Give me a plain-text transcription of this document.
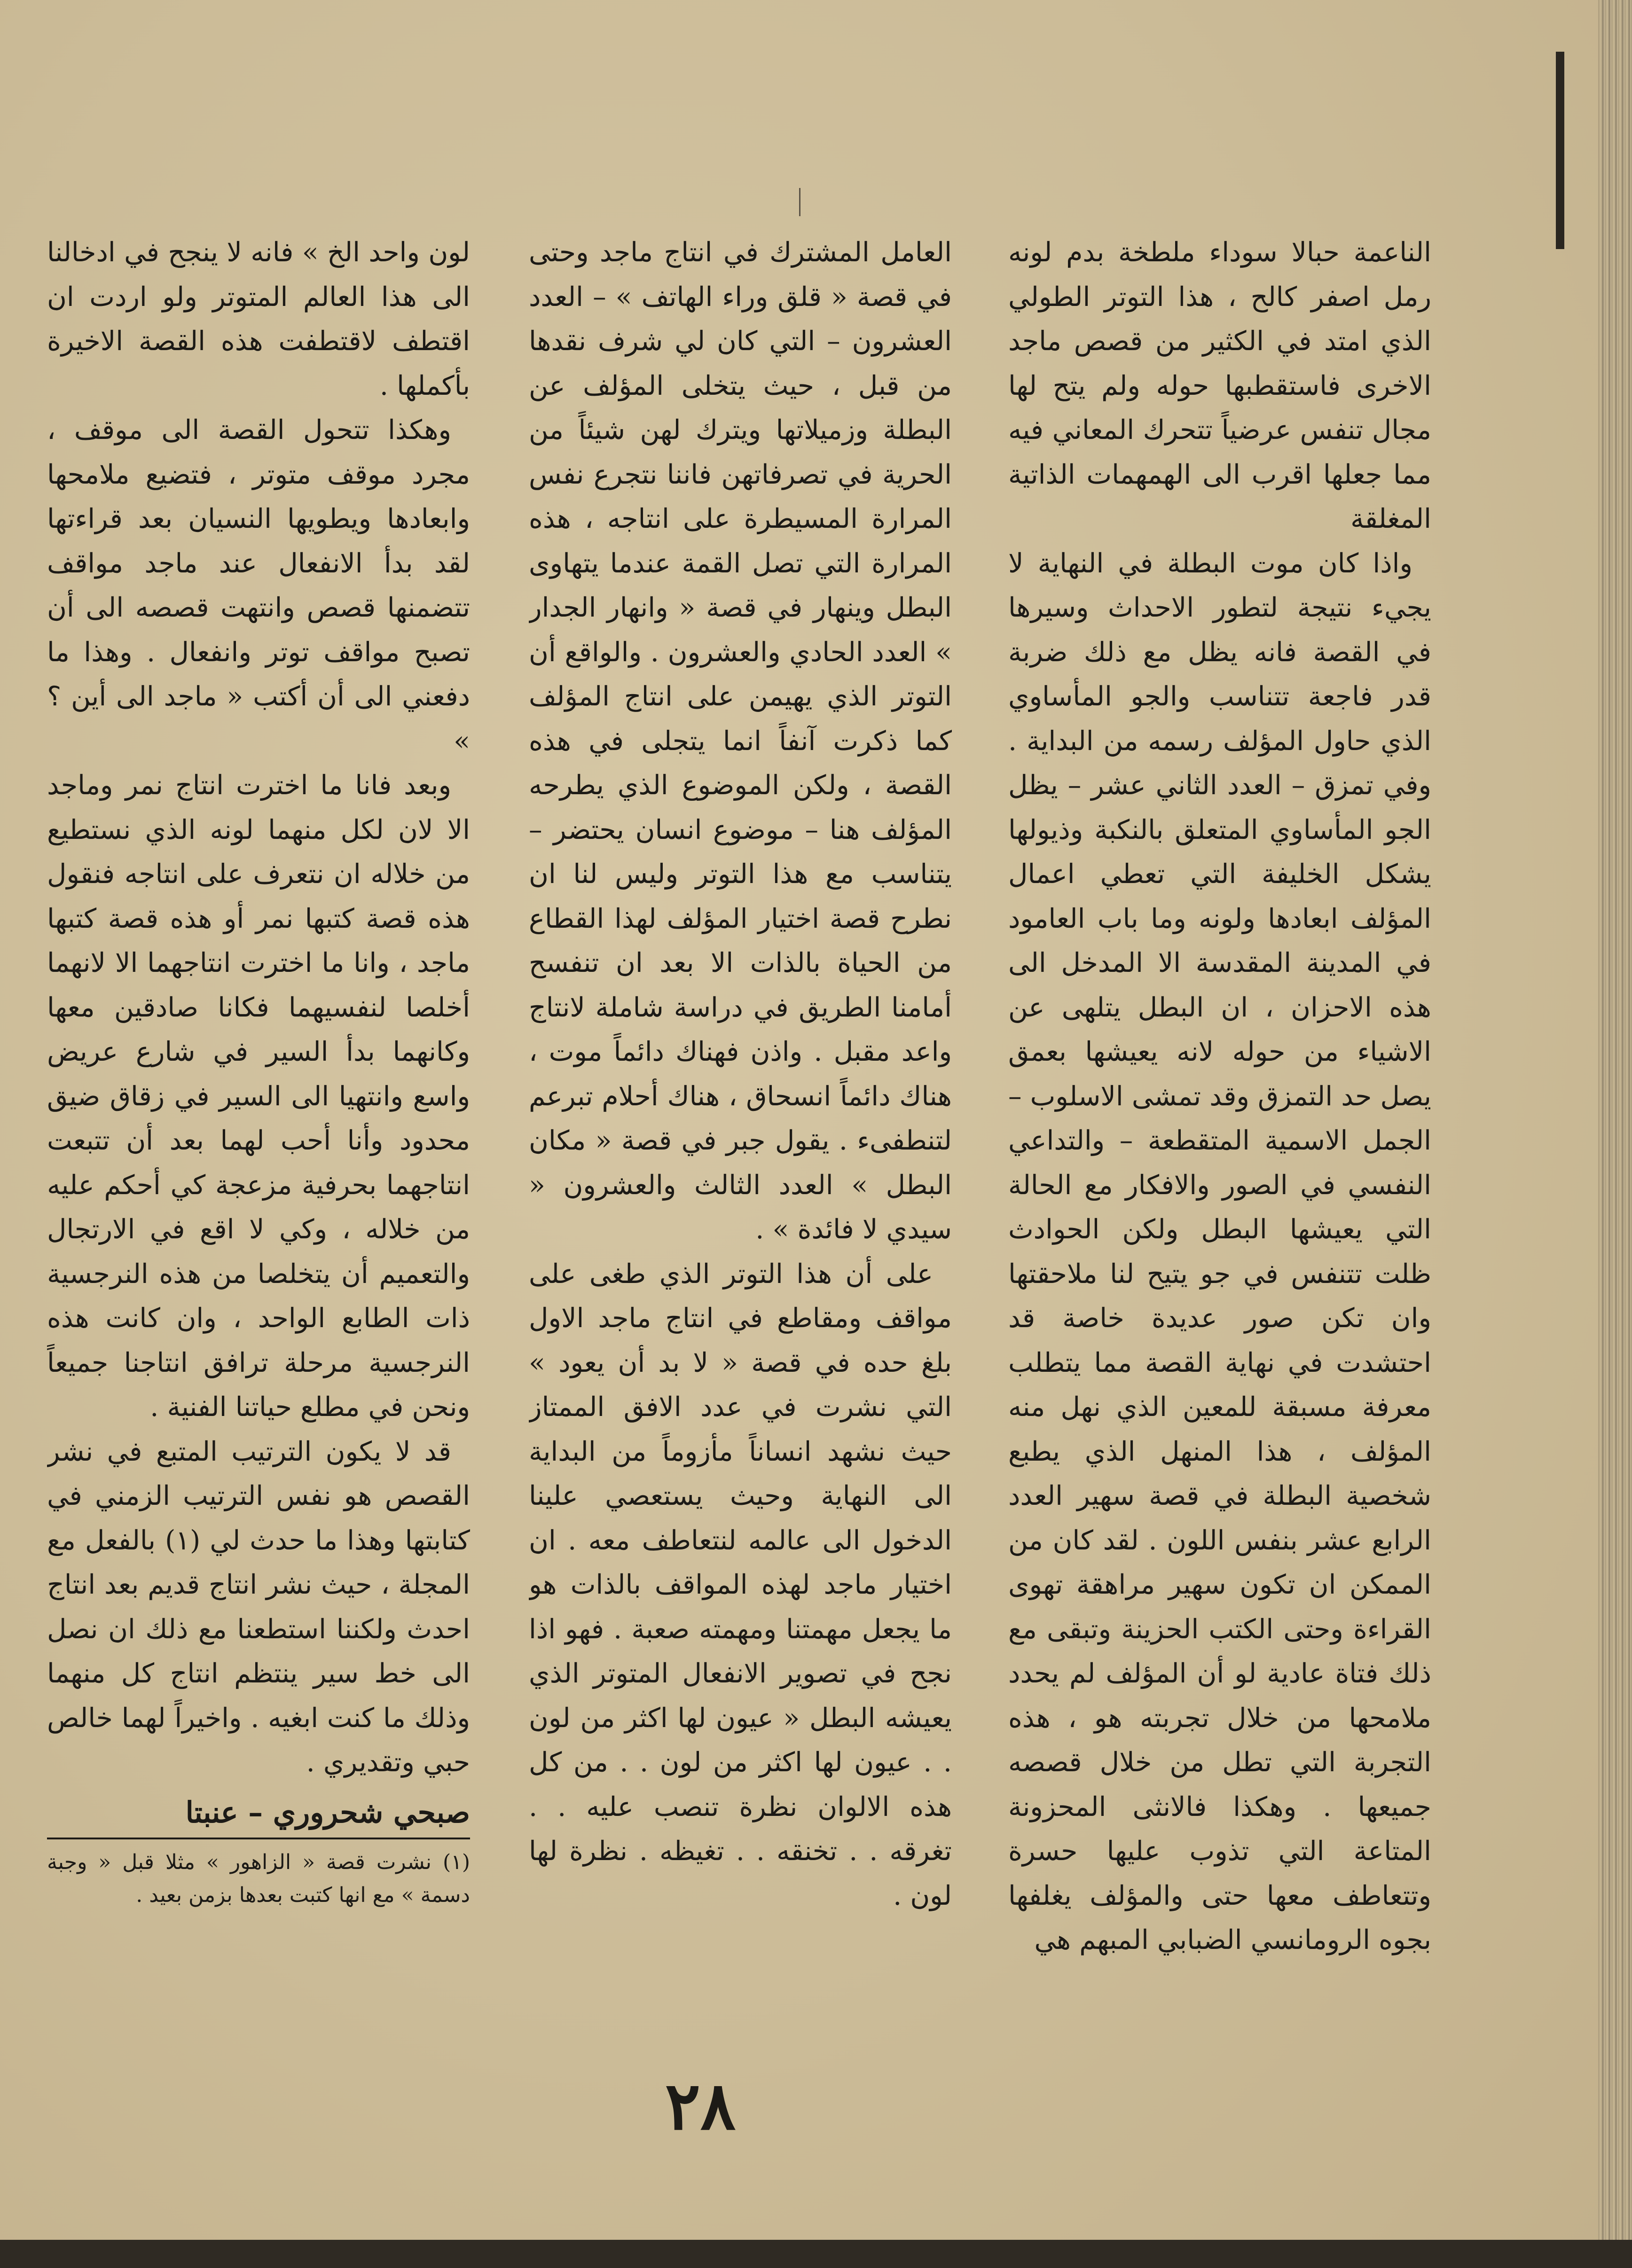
الناعمة حبالا سوداء ملطخة بدم لونه رمل اصفر كالح ، هذا التوتر الطولي الذي امتد في الكثير من قصص ماجد الاخرى فاستقطبها حوله ولم يتح لها مجال تنفس عرضياً تتحرك المعاني فيه مما جعلها اقرب الى الهمهمات الذاتية المغلقة

واذا كان موت البطلة في النهاية لا يجيء نتيجة لتطور الاحداث وسيرها في القصة فانه يظل مع ذلك ضربة قدر فاجعة تتناسب والجو المأساوي الذي حاول المؤلف رسمه من البداية . وفي تمزق – العدد الثاني عشر – يظل الجو المأساوي المتعلق بالنكبة وذيولها يشكل الخليفة التي تعطي اعمال المؤلف ابعادها ولونه وما باب العامود في المدينة المقدسة الا المدخل الى هذه الاحزان ، ان البطل يتلهى عن الاشياء من حوله لانه يعيشها بعمق يصل حد التمزق وقد تمشى الاسلوب – الجمل الاسمية المتقطعة – والتداعي النفسي في الصور والافكار مع الحالة التي يعيشها البطل ولكن الحوادث ظلت تتنفس في جو يتيح لنا ملاحقتها وان تكن صور عديدة خاصة قد احتشدت في نهاية القصة مما يتطلب معرفة مسبقة للمعين الذي نهل منه المؤلف ، هذا المنهل الذي يطبع شخصية البطلة في قصة سهير العدد الرابع عشر بنفس اللون . لقد كان من الممكن ان تكون سهير مراهقة تهوى القراءة وحتى الكتب الحزينة وتبقى مع ذلك فتاة عادية لو أن المؤلف لم يحدد ملامحها من خلال تجربته هو ، هذه التجربة التي تطل من خلال قصصه جميعها . وهكذا فالانثى المحزونة المتاعة التي تذوب عليها حسرة وتتعاطف معها حتى والمؤلف يغلفها بجوه الرومانسي الضبابي المبهم هي

العامل المشترك في انتاج ماجد وحتى في قصة « قلق وراء الهاتف » – العدد العشرون – التي كان لي شرف نقدها من قبل ، حيث يتخلى المؤلف عن البطلة وزميلاتها ويترك لهن شيئاً من الحرية في تصرفاتهن فاننا نتجرع نفس المرارة المسيطرة على انتاجه ، هذه المرارة التي تصل القمة عندما يتهاوى البطل وينهار في قصة « وانهار الجدار » العدد الحادي والعشرون . والواقع أن التوتر الذي يهيمن على انتاج المؤلف كما ذكرت آنفاً انما يتجلى في هذه القصة ، ولكن الموضوع الذي يطرحه المؤلف هنا – موضوع انسان يحتضر – يتناسب مع هذا التوتر وليس لنا ان نطرح قصة اختيار المؤلف لهذا القطاع من الحياة بالذات الا بعد ان تنفسح أمامنا الطريق في دراسة شاملة لانتاج واعد مقبل . واذن فهناك دائماً موت ، هناك دائماً انسحاق ، هناك أحلام تبرعم لتنطفىء . يقول جبر في قصة « مكان البطل » العدد الثالث والعشرون « سيدي لا فائدة » .

على أن هذا التوتر الذي طغى على مواقف ومقاطع في انتاج ماجد الاول بلغ حده في قصة « لا بد أن يعود » التي نشرت في عدد الافق الممتاز حيث نشهد انساناً مأزوماً من البداية الى النهاية وحيث يستعصي علينا الدخول الى عالمه لنتعاطف معه . ان اختيار ماجد لهذه المواقف بالذات هو ما يجعل مهمتنا ومهمته صعبة . فهو اذا نجح في تصوير الانفعال المتوتر الذي يعيشه البطل « عيون لها اكثر من لون . . عيون لها اكثر من لون . . من كل هذه الالوان نظرة تنصب عليه . . تغرقه . . تخنقه . . تغيظه . نظرة لها لون .

لون واحد الخ » فانه لا ينجح في ادخالنا الى هذا العالم المتوتر ولو اردت ان اقتطف لاقتطفت هذه القصة الاخيرة بأكملها .

وهكذا تتحول القصة الى موقف ، مجرد موقف متوتر ، فتضيع ملامحها وابعادها ويطويها النسيان بعد قراءتها لقد بدأ الانفعال عند ماجد مواقف تتضمنها قصص وانتهت قصصه الى أن تصبح مواقف توتر وانفعال . وهذا ما دفعني الى أن أكتب « ماجد الى أين ؟ »

وبعد فانا ما اخترت انتاج نمر وماجد الا لان لكل منهما لونه الذي نستطيع من خلاله ان نتعرف على انتاجه فنقول هذه قصة كتبها نمر أو هذه قصة كتبها ماجد ، وانا ما اخترت انتاجهما الا لانهما أخلصا لنفسيهما فكانا صادقين معها وكانهما بدأ السير في شارع عريض واسع وانتهيا الى السير في زقاق ضيق محدود وأنا أحب لهما بعد أن تتبعت انتاجهما بحرفية مزعجة كي أحكم عليه من خلاله ، وكي لا اقع في الارتجال والتعميم أن يتخلصا من هذه النرجسية ذات الطابع الواحد ، وان كانت هذه النرجسية مرحلة ترافق انتاجنا جميعاً ونحن في مطلع حياتنا الفنية .

قد لا يكون الترتيب المتبع في نشر القصص هو نفس الترتيب الزمني في كتابتها وهذا ما حدث لي (١) بالفعل مع المجلة ، حيث نشر انتاج قديم بعد انتاج احدث ولكننا استطعنا مع ذلك ان نصل الى خط سير ينتظم انتاج كل منهما وذلك ما كنت ابغيه . واخيراً لهما خالص حبي وتقديري .

صبحي شحروري – عنبتا
(١) نشرت قصة « الزاهور » مثلا قبل « وجبة دسمة » مع انها كتبت بعدها بزمن بعيد .
٢٨
